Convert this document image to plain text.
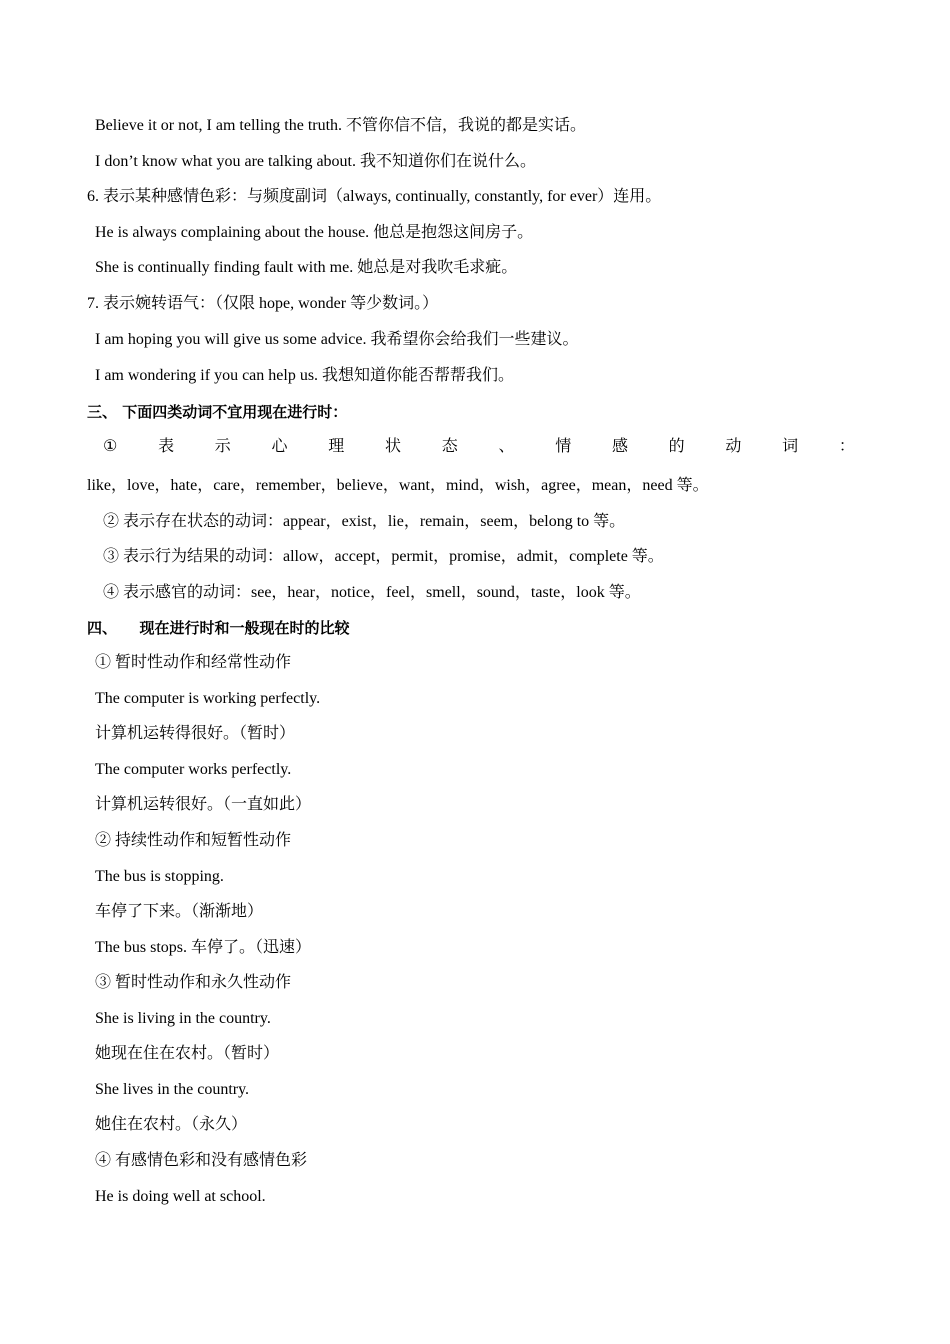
Believe it or not, I am telling the truth. 不管你信不信，我说的都是实话。
I don’t know what you are talking about. 我不知道你们在说什么。
6. 表示某种感情色彩：与频度副词（always, continually, constantly, for ever）连用。
He is always complaining about the house. 他总是抱怨这间房子。
She is continually finding fault with me. 她总是对我吹毛求疵。
7. 表示婉转语气：（仅限 hope, wonder 等少数词。）
I am hoping you will give us some advice. 我希望你会给我们一些建议。
I am wondering if you can help us. 我想知道你能否帮帮我们。
三、 下面四类动词不宜用现在进行时：
①	表	示	心	理	状	态	、	情	感	的	动	词	：
like，love，hate，care，remember，believe，want，mind，wish，agree，mean，need 等。
② 表示存在状态的动词：appear，exist，lie，remain，seem，belong to 等。
③ 表示行为结果的动词：allow，accept，permit，promise，admit，complete 等。
④ 表示感官的动词：see，hear，notice，feel，smell，sound，taste，look 等。
四、　　现在进行时和一般现在时的比较
① 暂时性动作和经常性动作
The computer is working perfectly.
计算机运转得很好。（暂时）
The computer works perfectly.
计算机运转很好。（一直如此）
② 持续性动作和短暂性动作
The bus is stopping.
车停了下来。（渐渐地）
The bus stops. 车停了。（迅速）
③ 暂时性动作和永久性动作
She is living in the country.
她现在住在农村。（暂时）
She lives in the country.
她住在农村。（永久）
④ 有感情色彩和没有感情色彩
He is doing well at school.
